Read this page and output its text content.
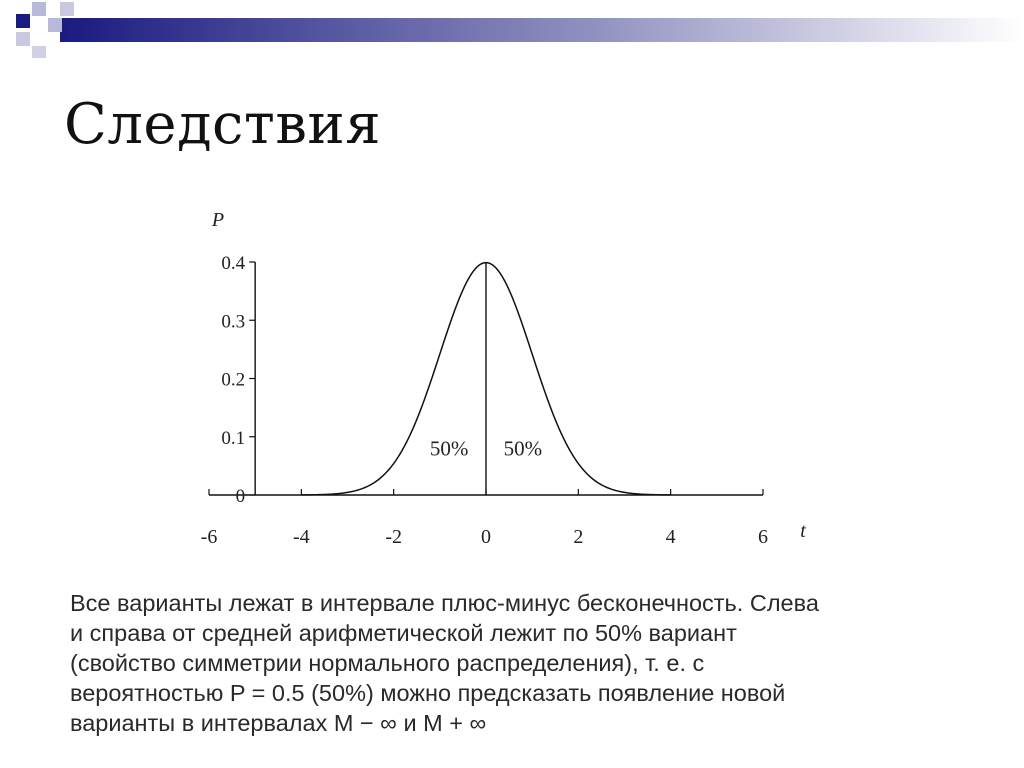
Следствия
-6	-4	-2	0	2	4	6
0
0.1
0.2
0.3
0.4
P
t
50% 50%
Все варианты лежат в интервале плюс-минус бесконечность. Слева
и справа от средней арифметической лежит по 50% вариант
(свойство симметрии нормального распределения), т. е. с
вероятностью P = 0.5 (50%) можно предсказать появление новой
варианты в интервалах M − ∞ и M + ∞
